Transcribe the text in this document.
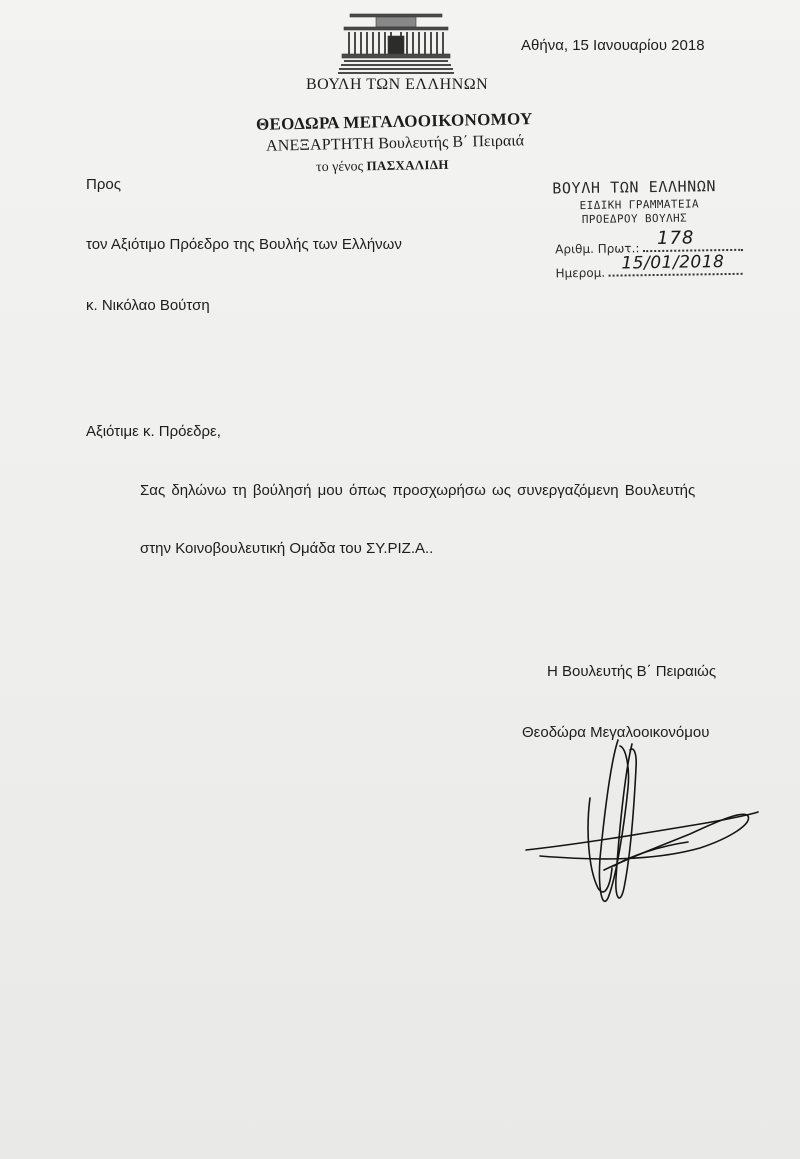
ΒΟΥΛΗ ΤΩΝ ΕΛΛΗΝΩΝ
Αθήνα, 15 Ιανουαρίου 2018
ΘΕΟΔΩΡΑ ΜΕΓΑΛΟΟΙΚΟΝΟΜΟΥ
ΑΝΕΞΑΡΤΗΤΗ Βουλευτής Β΄ Πειραιά
το γένος ΠΑΣΧΑΛΙΔΗ
Προς
τον Αξιότιμο Πρόεδρο της Βουλής των Ελλήνων
κ. Νικόλαο Βούτση
ΒΟΥΛΗ ΤΩΝ ΕΛΛΗΝΩΝ
ΕΙΔΙΚΗ ΓΡΑΜΜΑΤΕΙΑ
ΠΡΟΕΔΡΟΥ ΒΟΥΛΗΣ
Αριθμ. Πρωτ.: 178
Ημερομ. 15/01/2018
Αξιότιμε κ. Πρόεδρε,
Σας δηλώνω τη βούλησή μου όπως προσχωρήσω ως συνεργαζόμενη Βουλευτής
στην Κοινοβουλευτική Ομάδα του ΣΥ.ΡΙΖ.Α..
Η Βουλευτής Β΄ Πειραιώς
Θεοδώρα Μεγαλοοικονόμου
